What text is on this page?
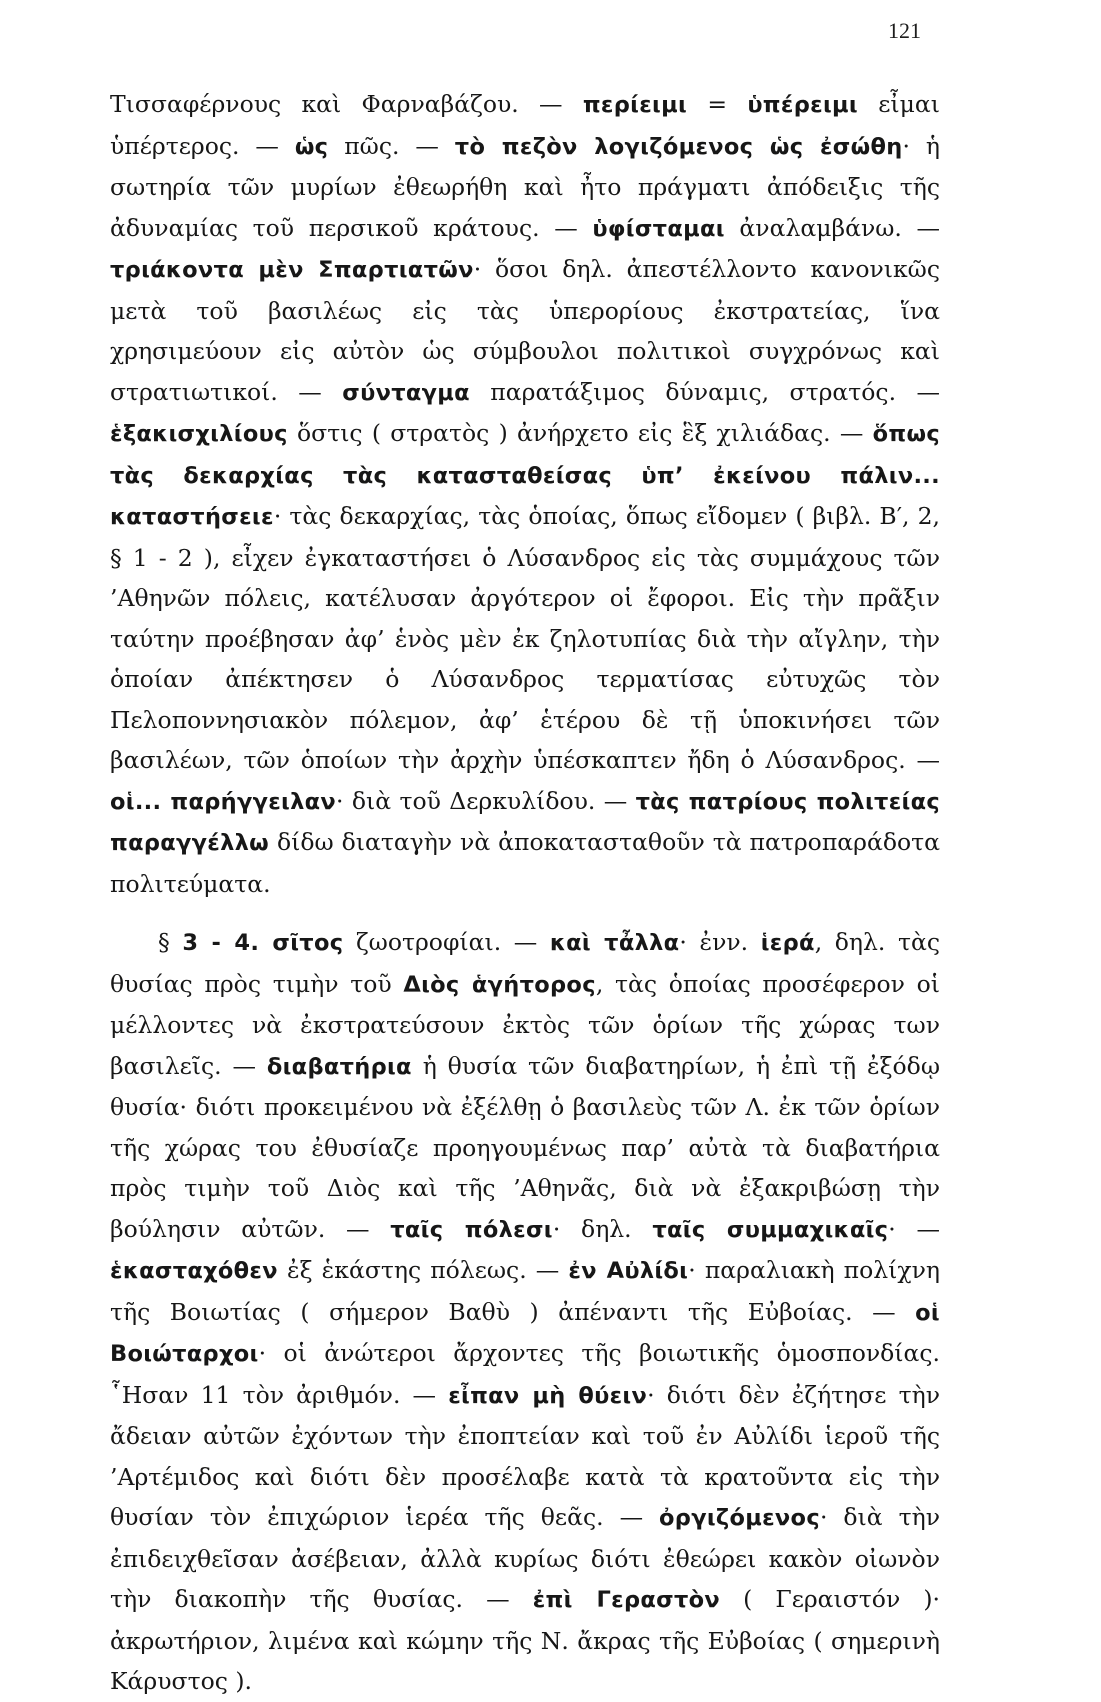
121

Τισσαφέρνους καὶ Φαρναβάζου. — περίειμι = ὑπέρειμι εἶμαι ὑπέρτερος. — ὡς πῶς. — τὸ πεζὸν λογιζόμενος ὡς ἐσώθη· ἡ σωτηρία τῶν μυρίων ἐθεωρήθη καὶ ἦτο πράγματι ἀπόδειξις τῆς ἀδυναμίας τοῦ περσικοῦ κράτους. — ὑφίσταμαι ἀναλαμβάνω. — τριάκοντα μὲν Σπαρτιατῶν· ὅσοι δηλ. ἀπεστέλλοντο κανονικῶς μετὰ τοῦ βασιλέως εἰς τὰς ὑπερορίους ἐκστρατείας, ἵνα χρησιμεύουν εἰς αὐτὸν ὡς σύμβουλοι πολιτικοὶ συγχρόνως καὶ στρατιωτικοί. — σύνταγμα παρατάξιμος δύναμις, στρατός. — ἑξακισχιλίους ὅστις ( στρατὸς ) ἀνήρχετο εἰς ἓξ χιλιάδας. — ὅπως τὰς δεκαρχίας τὰς κατασταθείσας ὑπ’ ἐκείνου πάλιν... καταστήσειε· τὰς δεκαρχίας, τὰς ὁποίας, ὅπως εἴδομεν ( βιβλ. Β′, 2, § 1 - 2 ), εἶχεν ἐγκαταστήσει ὁ Λύσανδρος εἰς τὰς συμμάχους τῶν ’Αθηνῶν πόλεις, κατέλυσαν ἀργότερον οἱ ἔφοροι. Εἰς τὴν πρᾶξιν ταύτην προέβησαν ἀφ’ ἑνὸς μὲν ἐκ ζηλοτυπίας διὰ τὴν αἴγλην, τὴν ὁποίαν ἀπέκτησεν ὁ Λύσανδρος τερματίσας εὐτυχῶς τὸν Πελοποννησιακὸν πόλεμον, ἀφ’ ἑτέρου δὲ τῇ ὑποκινήσει τῶν βασιλέων, τῶν ὁποίων τὴν ἀρχὴν ὑπέσκαπτεν ἤδη ὁ Λύσανδρος. — οἱ... παρήγγειλαν· διὰ τοῦ Δερκυλίδου. — τὰς πατρίους πολιτείας παραγγέλλω δίδω διαταγὴν νὰ ἀποκατασταθοῦν τὰ πατροπαράδοτα πολιτεύματα.

§ 3 - 4. σῖτος ζωοτροφίαι. — καὶ τἆλλα· ἐνν. ἱερά, δηλ. τὰς θυσίας πρὸς τιμὴν τοῦ Διὸς ἁγήτορος, τὰς ὁποίας προσέφερον οἱ μέλλοντες νὰ ἐκστρατεύσουν ἐκτὸς τῶν ὁρίων τῆς χώρας των βασιλεῖς. — διαβατήρια ἡ θυσία τῶν διαβατηρίων, ἡ ἐπὶ τῇ ἐξόδῳ θυσία· διότι προκειμένου νὰ ἐξέλθῃ ὁ βασιλεὺς τῶν Λ. ἐκ τῶν ὁρίων τῆς χώρας του ἐθυσίαζε προηγουμένως παρ’ αὐτὰ τὰ διαβατήρια πρὸς τιμὴν τοῦ Διὸς καὶ τῆς ’Αθηνᾶς, διὰ νὰ ἐξακριβώσῃ τὴν βούλησιν αὐτῶν. — ταῖς πόλεσι· δηλ. ταῖς συμμαχικαῖς· — ἑκασταχόθεν ἐξ ἑκάστης πόλεως. — ἐν Αὐλίδι· παραλιακὴ πολίχνη τῆς Βοιωτίας ( σήμερον Βαθὺ ) ἀπέναντι τῆς Εὐβοίας. — οἱ Βοιώταρχοι· οἱ ἀνώτεροι ἄρχοντες τῆς βοιωτικῆς ὁμοσπονδίας. ῟Ησαν 11 τὸν ἀριθμόν. — εἶπαν μὴ θύειν· διότι δὲν ἐζήτησε τὴν ἄδειαν αὐτῶν ἐχόντων τὴν ἐποπτείαν καὶ τοῦ ἐν Αὐλίδι ἱεροῦ τῆς ’Αρτέμιδος καὶ διότι δὲν προσέλαβε κατὰ τὰ κρατοῦντα εἰς τὴν θυσίαν τὸν ἐπιχώριον ἱερέα τῆς θεᾶς. — ὀργιζόμενος· διὰ τὴν ἐπιδειχθεῖσαν ἀσέβειαν, ἀλλὰ κυρίως διότι ἐθεώρει κακὸν οἰωνὸν τὴν διακοπὴν τῆς θυσίας. — ἐπὶ Γεραστὸν ( Γεραιστόν )· ἀκρωτήριον, λιμένα καὶ κώμην τῆς Ν. ἄκρας τῆς Εὐβοίας ( σημερινὴ Κάρυστος ).
